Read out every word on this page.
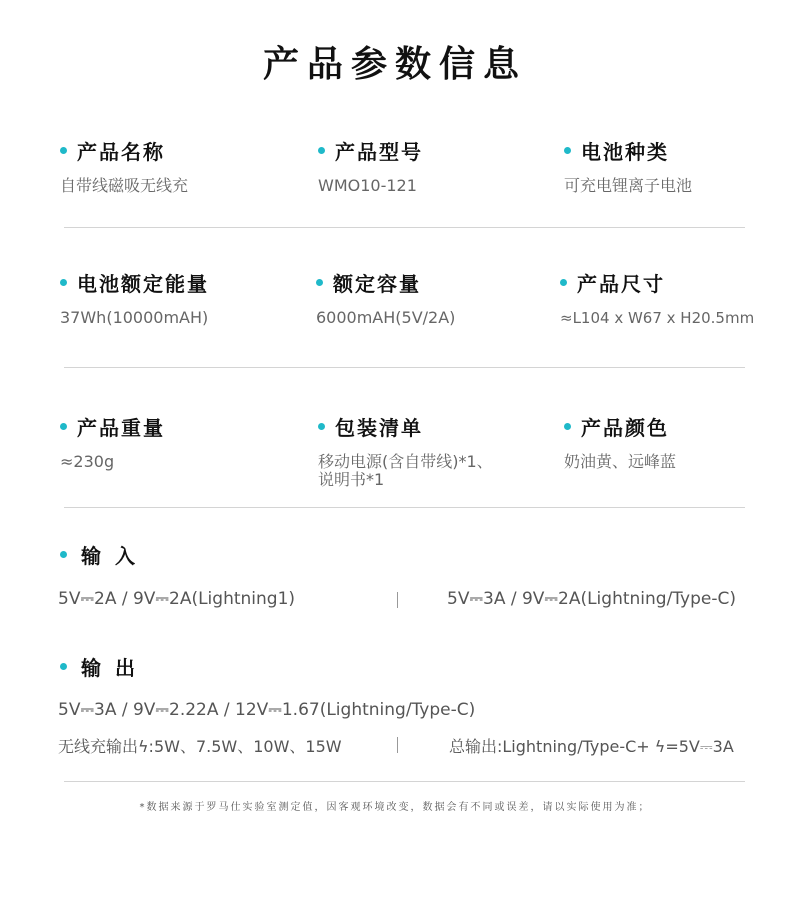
产品参数信息
产品名称
自带线磁吸无线充
产品型号
WMO10-121
电池种类
可充电锂离子电池
电池额定能量
37Wh(10000mAH)
额定容量
6000mAH(5V/2A)
产品尺寸
≈L104 x W67 x H20.5mm
产品重量
≈230g
包装清单
移动电源(含自带线)*1、
说明书*1
产品颜色
奶油黄、远峰蓝
输入
5V⎓2A / 9V⎓2A(Lightning1)	5V⎓3A / 9V⎓2A(Lightning/Type-C)
输出
5V⎓3A / 9V⎓2.22A / 12V⎓1.67(Lightning/Type-C)
无线充输出ϟ:5W、7.5W、10W、15W	总输出:Lightning/Type-C+ ϟ=5V⎓3A
*数据来源于罗马仕实验室测定值，因客观环境改变，数据会有不同或误差，请以实际使用为准；
